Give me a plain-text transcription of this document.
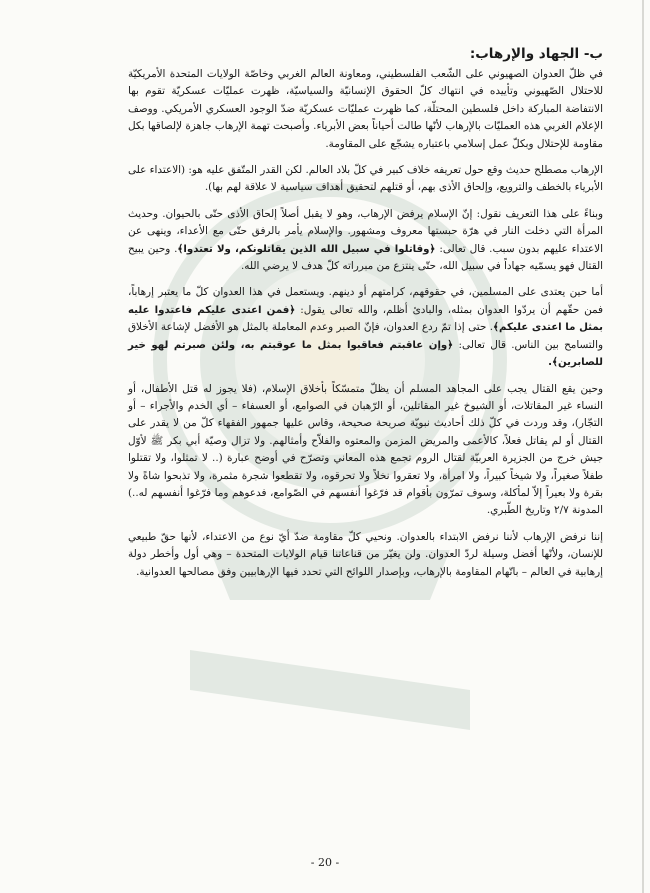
ب- الجهاد والإرهاب:

في ظلّ العدوان الصهيوني على الشّعب الفلسطيني، ومعاونة العالم الغربي وخاصّة الولايات المتحدة الأمريكيّة للاحتلال الصّهيوني وتأييده في انتهاك كلّ الحقوق الإنسانيّة والسياسيّة، ظهرت عمليّات عسكريّة تقوم بها الانتفاضة المباركة داخل فلسطين المحتلّة، كما ظهرت عمليّات عسكريّة ضدّ الوجود العسكري الأمريكي. ووصف الإعلام الغربي هذه العمليّات بالإرهاب لأنّها طالت أحياناً بعض الأبرياء. وأصبحت تهمة الإرهاب جاهزة لإلصاقها بكل مقاومة للإحتلال وبكلّ عمل إسلامي باعتباره يشجّع على المقاومة.

الإرهاب مصطلح حديث وقع حول تعريفه خلاف كبير في كلّ بلاد العالم. لكن القدر المتّفق عليه هو: (الاعتداء على الأبرياء بالخطف والترويع، وإلحاق الأذى بهم، أو قتلهم لتحقيق أهداف سياسية لا علاقة لهم بها).

وبناءً على هذا التعريف نقول: إنّ الإسلام يرفض الإرهاب، وهو لا يقبل أصلاً إلحاق الأذى حتّى بالحيوان. وحديث المرأة التي دخلت النار في هرّة حبستها معروف ومشهور. والإسلام يأمر بالرفق حتّى مع الأعداء، وينهى عن الاعتداء عليهم بدون سبب. قال تعالى: ﴿وقاتلوا في سبيل الله الذين يقاتلونكم، ولا تعتدوا﴾. وحين يبيح القتال فهو يسمّيه جهاداً في سبيل الله، حتّى ينتزع من مبرراته كلّ هدف لا يرضي الله.

أما حين يعتدى على المسلمين، في حقوقهم، كرامتهم أو دينهم. ويستعمل في هذا العدوان كلّ ما يعتبر إرهاباً، فمن حقّهم أن يردّوا العدوان بمثله، والبادئ أظلم، والله تعالى يقول: ﴿فمن اعتدى عليكم فاعتدوا عليه بمثل ما اعتدى عليكم﴾. حتى إذا تمّ ردع العدوان، فإنّ الصبر وعدم المعاملة بالمثل هو الأفضل لإشاعة الأخلاق والتسامح بين الناس. قال تعالى: ﴿وإن عاقبتم فعاقبوا بمثل ما عوقبتم به، ولئن صبرتم لهو خير للصابرين﴾.

وحين يقع القتال يجب على المجاهد المسلم أن يظلّ متمسّكاً بأخلاق الإسلام، (فلا يجوز له قتل الأطفال، أو النساء غير المقاتلات، أو الشيوخ غير المقاتلين، أو الرّهبان في الصوامع، أو العسفاء – أي الخدم والأجراء – أو التجّار)، وقد وردت في كلّ ذلك أحاديث نبويّة صريحة صحيحة، وقاس عليها جمهور الفقهاء كلّ من لا يقدر على القتال أو لم يقاتل فعلاً، كالأعمى والمريض المزمن والمعتوه والفلاّح وأمثالهم. ولا تزال وصيّة أبي بكر ﷺ لأوّل جيش خرج من الجزيرة العربيّة لقتال الروم تجمع هذه المعاني وتصرّح في أوضح عبارة (.. لا تمثلوا، ولا تقتلوا طفلاً صغيراً، ولا شيخاً كبيراً، ولا امرأة، ولا تعقروا نخلاً ولا تحرقوه، ولا تقطعوا شجرة مثمرة، ولا تذبحوا شاةً ولا بقرة ولا بعيراً إلاّ لمأكلة، وسوف تمرّون بأقوام قد فرّغوا أنفسهم في الصّوامع، فدعوهم وما فرّغوا أنفسهم له..) المدونة ٢/٧ وتاريخ الطّبري.

إننا نرفض الإرهاب لأننا نرفض الابتداء بالعدوان. ونحيي كلّ مقاومة ضدّ أيّ نوع من الاعتداء، لأنها حقّ طبيعي للإنسان، ولأنّها أفضل وسيلة لردّ العدوان. ولن يغيّر من قناعاتنا قيام الولايات المتحدة – وهي أول وأخطر دولة إرهابية في العالم – باتّهام المقاومة بالإرهاب، وبإصدار اللوائح التي تحدد فيها الإرهابيين وفق مصالحها العدوانية.

- 20 -
